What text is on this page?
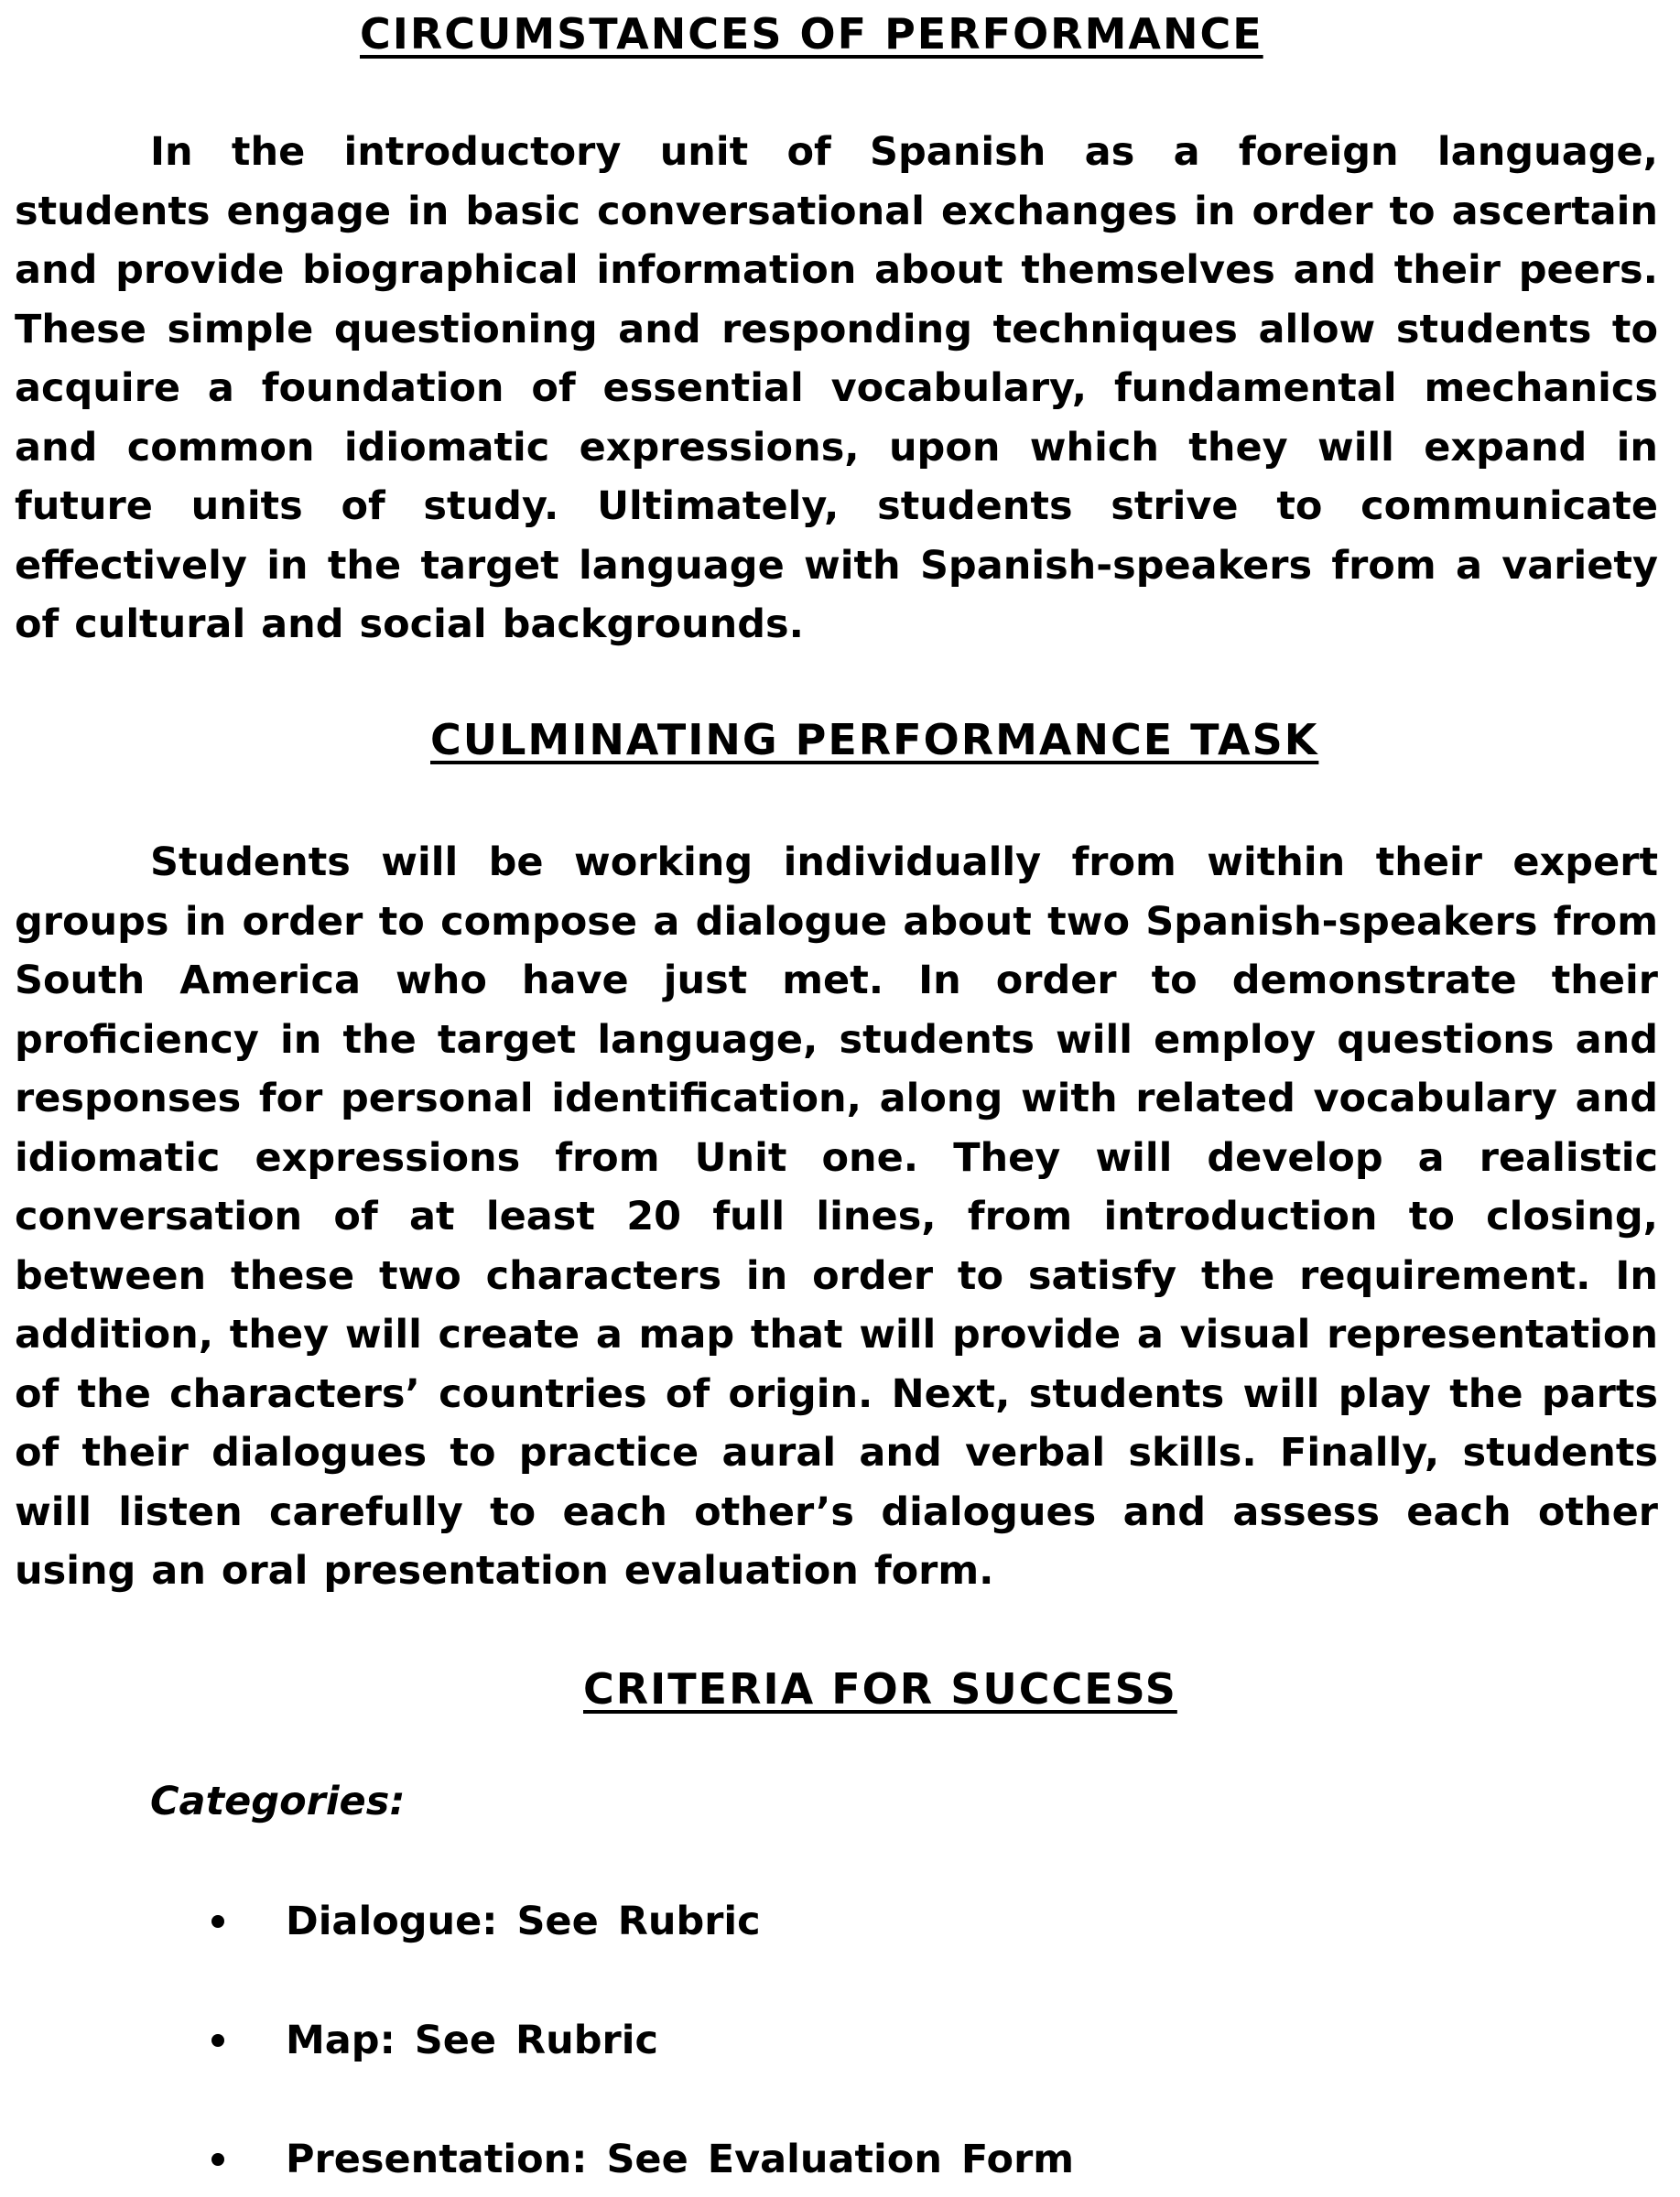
CIRCUMSTANCES OF PERFORMANCE

In the introductory unit of Spanish as a foreign language, students engage in basic conversational exchanges in order to ascertain and provide biographical information about themselves and their peers. These simple questioning and responding techniques allow students to acquire a foundation of essential vocabulary, fundamental mechanics and common idiomatic expressions, upon which they will expand in future units of study. Ultimately, students strive to communicate effectively in the target language with Spanish-speakers from a variety of cultural and social backgrounds.

CULMINATING PERFORMANCE TASK

Students will be working individually from within their expert groups in order to compose a dialogue about two Spanish-speakers from South America who have just met. In order to demonstrate their proficiency in the target language, students will employ questions and responses for personal identification, along with related vocabulary and idiomatic expressions from Unit one. They will develop a realistic conversation of at least 20 full lines, from introduction to closing, between these two characters in order to satisfy the requirement. In addition, they will create a map that will provide a visual representation of the characters’ countries of origin. Next, students will play the parts of their dialogues to practice aural and verbal skills. Finally, students will listen carefully to each other’s dialogues and assess each other using an oral presentation evaluation form.

CRITERIA FOR SUCCESS
Categories:
Dialogue: See Rubric
Map: See Rubric
Presentation: See Evaluation Form
